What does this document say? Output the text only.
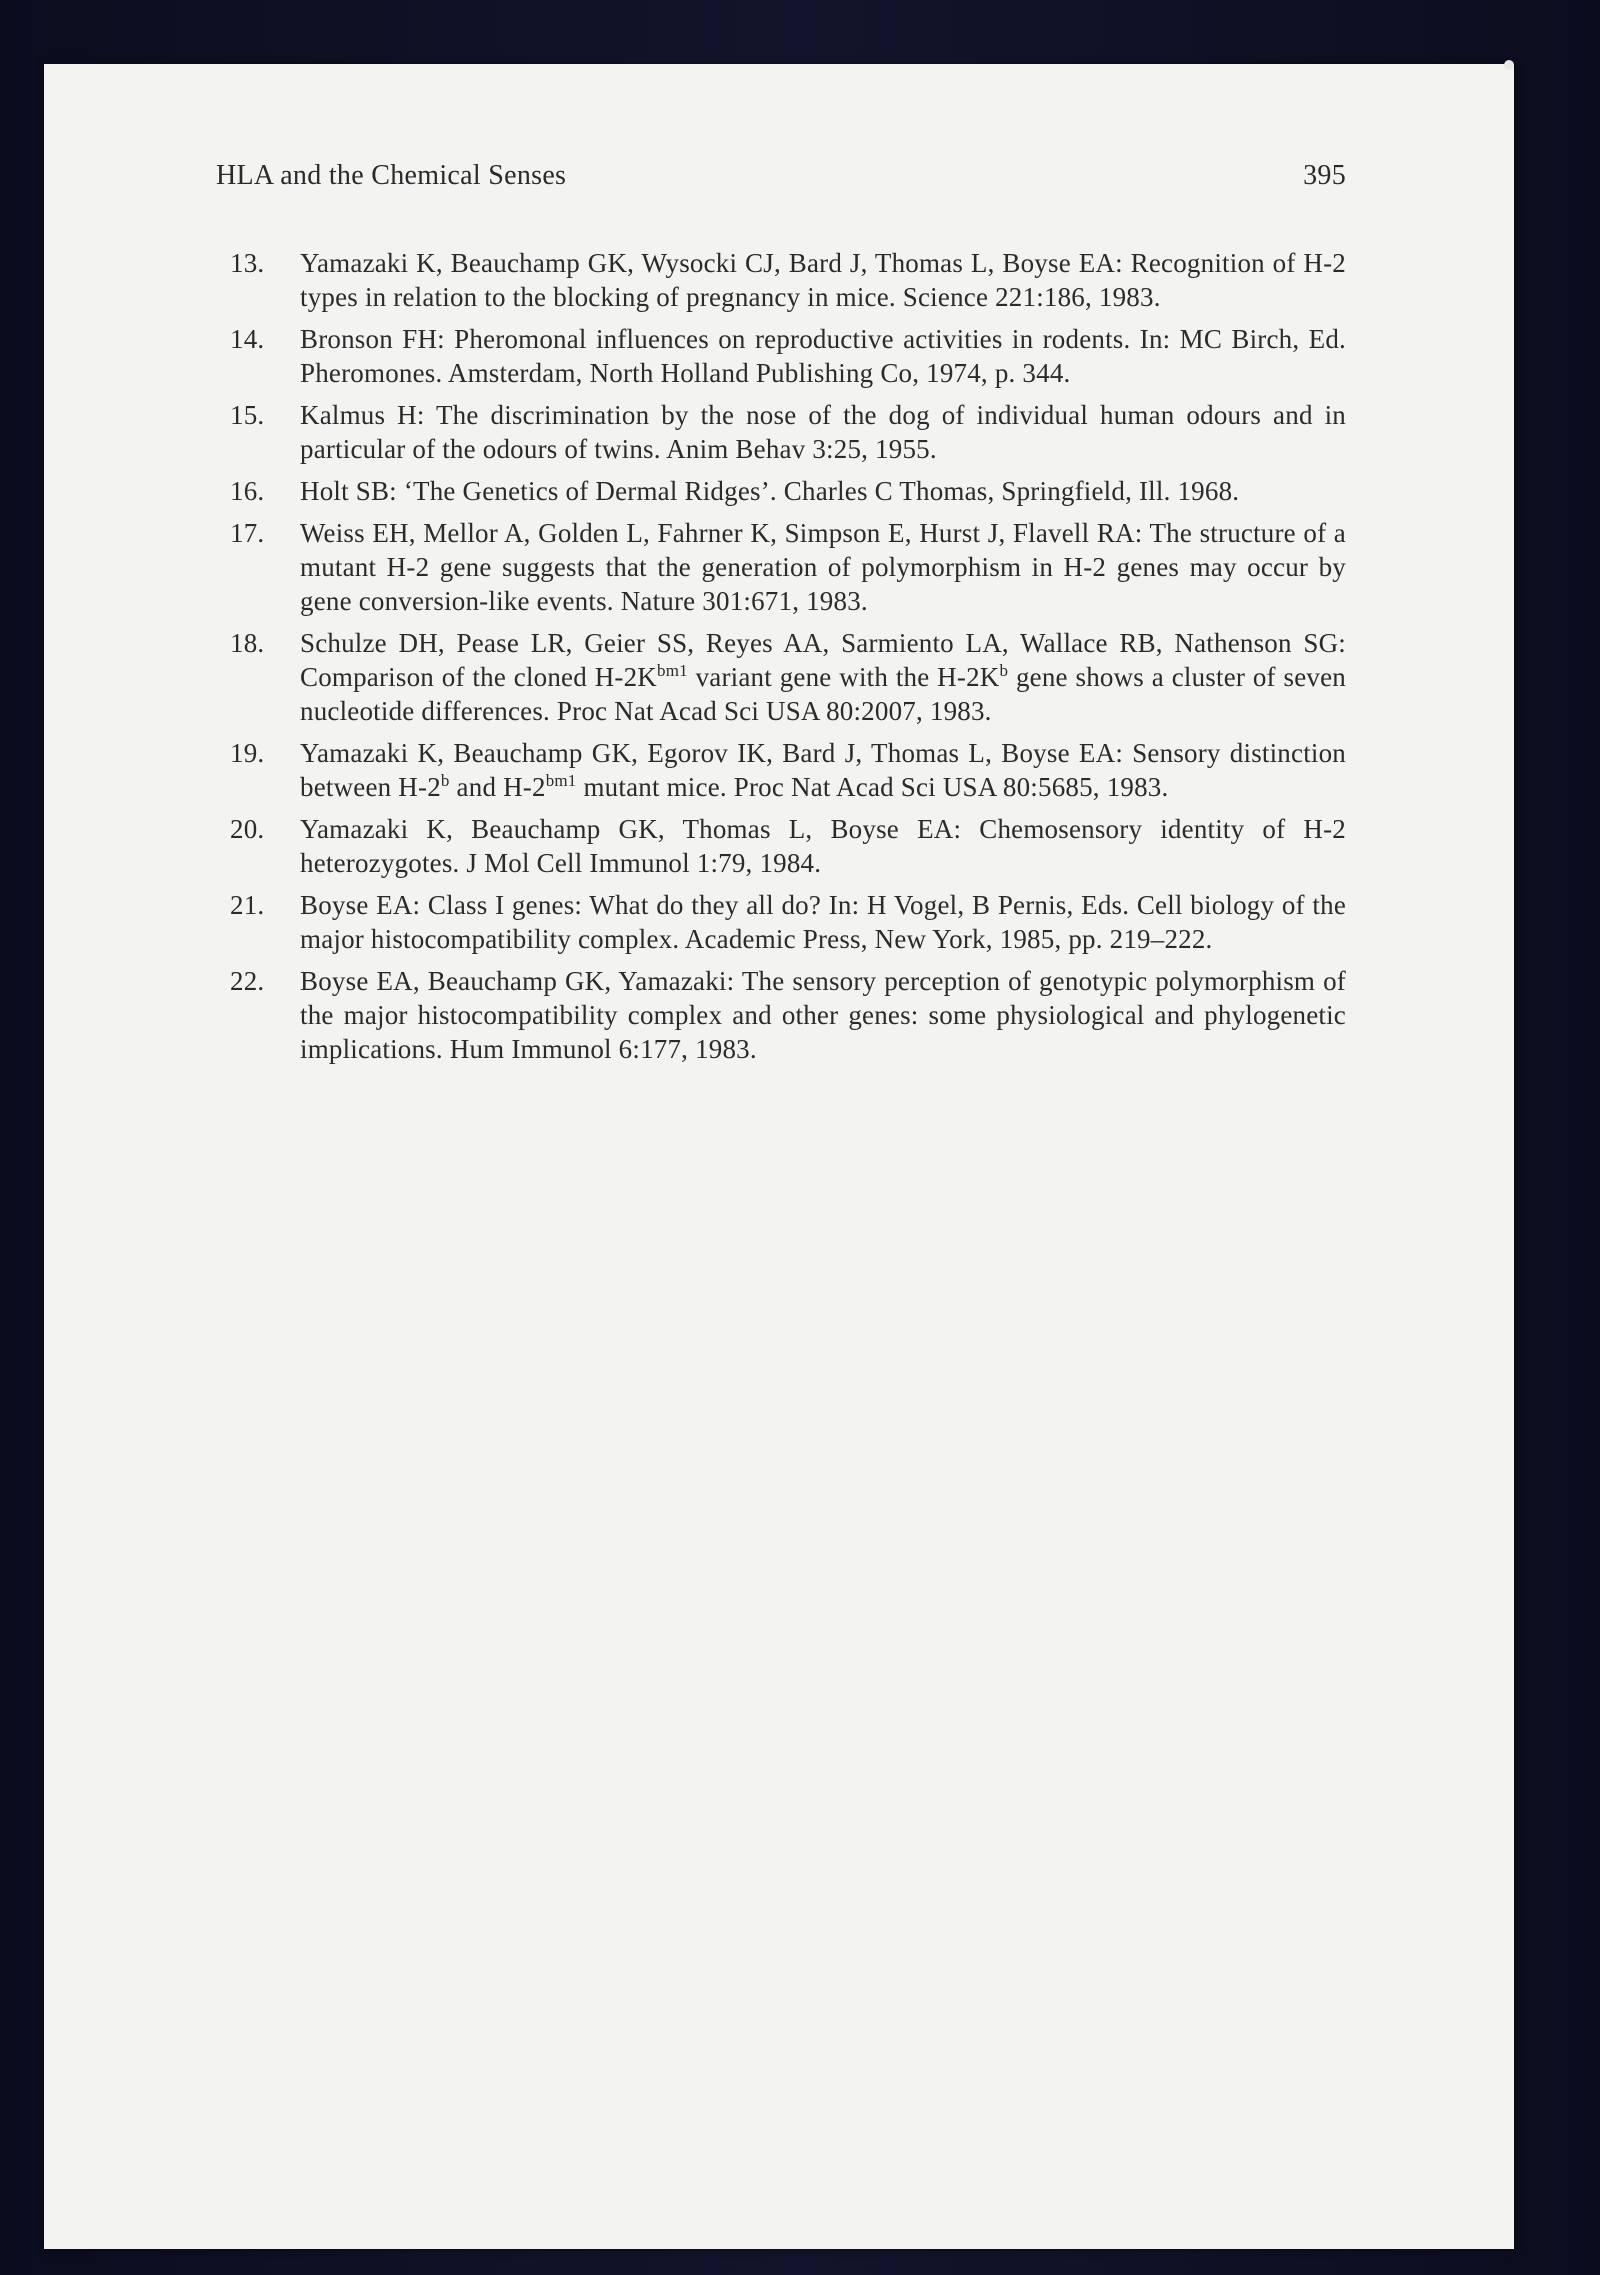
HLA and the Chemical Senses	395
13.	Yamazaki K, Beauchamp GK, Wysocki CJ, Bard J, Thomas L, Boyse EA: Recognition of H-2 types in relation to the blocking of pregnancy in mice. Science 221:186, 1983.
14.	Bronson FH: Pheromonal influences on reproductive activities in rodents. In: MC Birch, Ed. Pheromones. Amsterdam, North Holland Publishing Co, 1974, p. 344.
15.	Kalmus H: The discrimination by the nose of the dog of individual human odours and in particular of the odours of twins. Anim Behav 3:25, 1955.
16.	Holt SB: ‘The Genetics of Dermal Ridges’. Charles C Thomas, Springfield, Ill. 1968.
17.	Weiss EH, Mellor A, Golden L, Fahrner K, Simpson E, Hurst J, Flavell RA: The structure of a mutant H-2 gene suggests that the generation of polymorphism in H-2 genes may occur by gene conversion-like events. Nature 301:671, 1983.
18.	Schulze DH, Pease LR, Geier SS, Reyes AA, Sarmiento LA, Wallace RB, Nathenson SG: Comparison of the cloned $H-2K^{bm1}$ variant gene with the $H-2K^b$ gene shows a cluster of seven nucleotide differences. Proc Nat Acad Sci USA 80:2007, 1983.
19.	Yamazaki K, Beauchamp GK, Egorov IK, Bard J, Thomas L, Boyse EA: Sensory distinction between H-2$^b$ and $H-2^{bm1}$ mutant mice. Proc Nat Acad Sci USA 80:5685, 1983.
20.	Yamazaki K, Beauchamp GK, Thomas L, Boyse EA: Chemosensory identity of H-2 heterozygotes. J Mol Cell Immunol 1:79, 1984.
21.	Boyse EA: Class I genes: What do they all do? In: H Vogel, B Pernis, Eds. Cell biology of the major histocompatibility complex. Academic Press, New York, 1985, pp. 219–222.
22.	Boyse EA, Beauchamp GK, Yamazaki: The sensory perception of genotypic polymorphism of the major histocompatibility complex and other genes: some physiological and phylogenetic implications. Hum Immunol 6:177, 1983.
